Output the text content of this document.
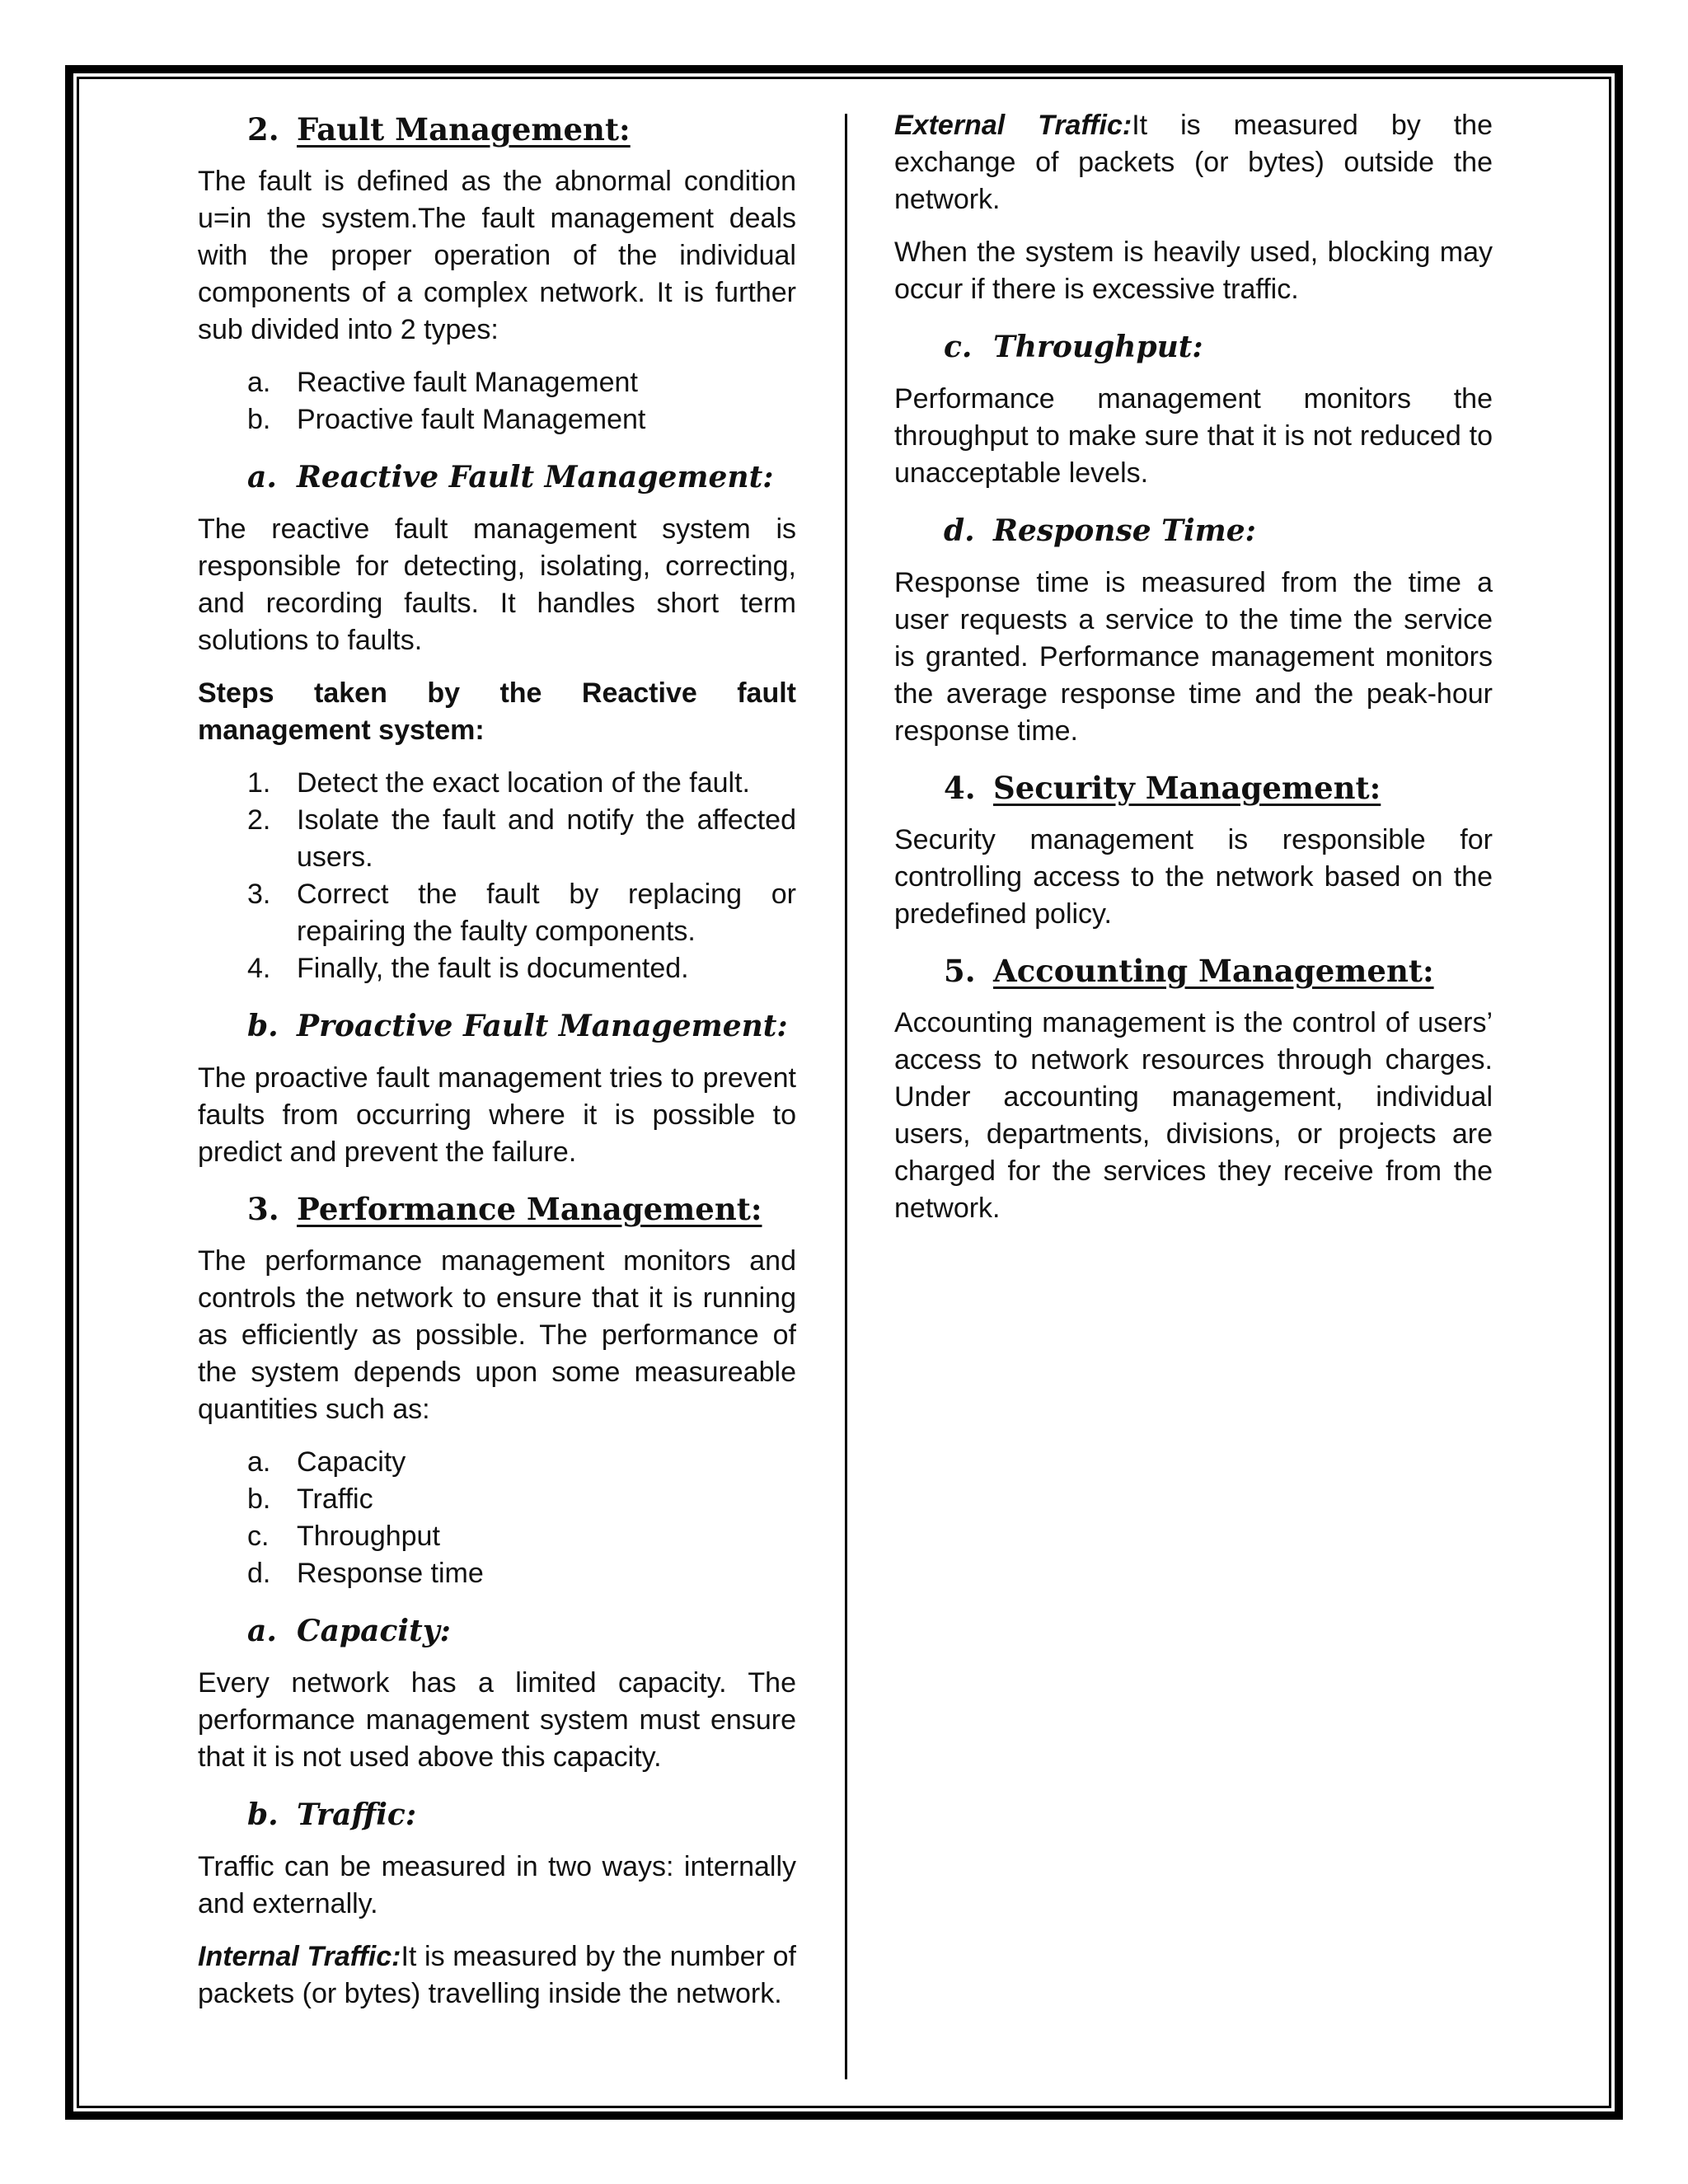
2. Fault Management:

The fault is defined as the abnormal condition u=in the system.The fault management deals with the proper operation of the individual components of a complex network. It is further sub divided into 2 types:

a. Reactive fault Management
b. Proactive fault Management
a. Reactive Fault Management:

The reactive fault management system is responsible for detecting, isolating, correcting, and recording faults. It handles short term solutions to faults.

Steps taken by the Reactive fault management system:

1. Detect the exact location of the fault.
2. Isolate the fault and notify the affected users.
3. Correct the fault by replacing or repairing the faulty components.
4. Finally, the fault is documented.
b. Proactive Fault Management:

The proactive fault management tries to prevent faults from occurring where it is possible to predict and prevent the failure.

3. Performance Management:

The performance management monitors and controls the network to ensure that it is running as efficiently as possible. The performance of the system depends upon some measureable quantities such as:

a. Capacity
b. Traffic
c. Throughput
d. Response time
a. Capacity:

Every network has a limited capacity. The performance management system must ensure that it is not used above this capacity.

b. Traffic:

Traffic can be measured in two ways: internally and externally.

Internal Traffic:It is measured by the number of packets (or bytes) travelling inside the network.

External Traffic:It is measured by the exchange of packets (or bytes) outside the network.

When the system is heavily used, blocking may occur if there is excessive traffic.

c. Throughput:

Performance management monitors the throughput to make sure that it is not reduced to unacceptable levels.

d. Response Time:

Response time is measured from the time a user requests a service to the time the service is granted. Performance management monitors the average response time and the peak-hour response time.

4. Security Management:

Security management is responsible for controlling access to the network based on the predefined policy.

5. Accounting Management:

Accounting management is the control of users’ access to network resources through charges. Under accounting management, individual users, departments, divisions, or projects are charged for the services they receive from the network.
